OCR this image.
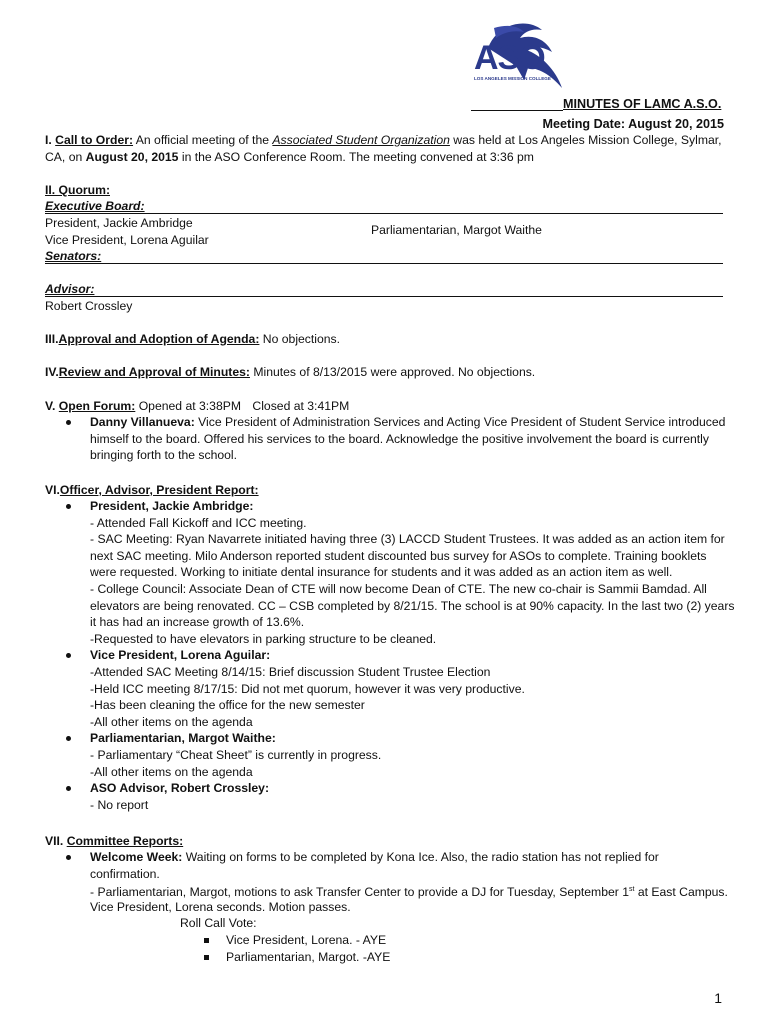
ASO
LOS ANGELES MISSION COLLEGE
MINUTES OF LAMC A.S.O.
Meeting Date: August 20, 2015

I. Call to Order: An official meeting of the Associated Student Organization was held at Los Angeles Mission College, Sylmar,

CA, on August 20, 2015 in the ASO Conference Room. The meeting convened at 3:36 pm

II. Quorum:
Executive Board:
President, Jackie Ambridge	Parliamentarian, Margot Waithe
Vice President, Lorena Aguilar
Senators:
Advisor:
Robert Crossley

III.Approval and Adoption of Agenda: No objections.

IV.Review and Approval of Minutes: Minutes of 8/13/2015 were approved. No objections.

V. Open Forum: Opened at 3:38PM Closed at 3:41PM

Danny Villanueva: Vice President of Administration Services and Acting Vice President of Student Service introduced
himself to the board. Offered his services to the board. Acknowledge the positive involvement the board is currently
bringing forth to the school.

VI.Officer, Advisor, President Report:

President, Jackie Ambridge:
- Attended Fall Kickoff and ICC meeting.
- SAC Meeting: Ryan Navarrete initiated having three (3) LACCD Student Trustees. It was added as an action item for
next SAC meeting. Milo Anderson reported student discounted bus survey for ASOs to complete. Training booklets
were requested. Working to initiate dental insurance for students and it was added as an action item as well.
- College Council: Associate Dean of CTE will now become Dean of CTE. The new co-chair is Sammii Bamdad. All
elevators are being renovated. CC – CSB completed by 8/21/15. The school is at 90% capacity. In the last two (2) years
it has had an increase growth of 13.6%.
-Requested to have elevators in parking structure to be cleaned.
Vice President, Lorena Aguilar:
-Attended SAC Meeting 8/14/15: Brief discussion Student Trustee Election
-Held ICC meeting 8/17/15: Did not met quorum, however it was very productive.
-Has been cleaning the office for the new semester
-All other items on the agenda
Parliamentarian, Margot Waithe:
- Parliamentary “Cheat Sheet” is currently in progress.
-All other items on the agenda
ASO Advisor, Robert Crossley:
- No report

VII. Committee Reports:

Welcome Week: Waiting on forms to be completed by Kona Ice. Also, the radio station has not replied for
confirmation.

- Parliamentarian, Margot, motions to ask Transfer Center to provide a DJ for Tuesday, September 1st at East Campus.

Vice President, Lorena seconds. Motion passes.
Roll Call Vote:
Vice President, Lorena. - AYE
Parliamentarian, Margot. -AYE
1
